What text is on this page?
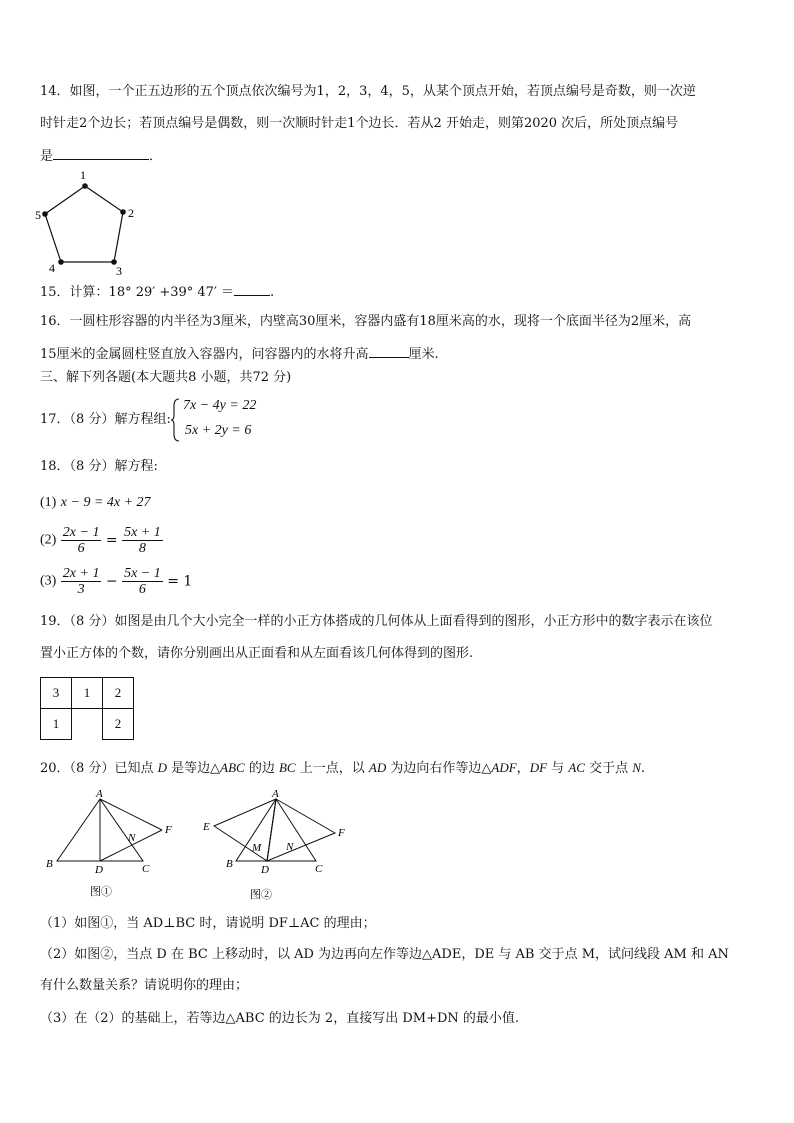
14．如图，一个正五边形的五个顶点依次编号为1，2，3，4，5，从某个顶点开始，若顶点编号是奇数，则一次逆
时针走2个边长；若顶点编号是偶数，则一次顺时针走1个边长．若从2 开始走，则第2020 次后，所处顶点编号
是	．
1
2
3
4
5
15．计算：18° 29′ +39° 47′ ＝	.
16．一圆柱形容器的内半径为3厘米，内壁高30厘米，容器内盛有18厘米高的水，现将一个底面半径为2厘米，高
15厘米的金属圆柱竖直放入容器内，问容器内的水将升高	厘米.
三、解下列各题(本大题共8 小题，共72 分)
17．（8 分）解方程组:
7x − 4y = 22
5x + 2y = 6
18．（8 分）解方程:
(1) x − 9 = 4x + 27
$(2) \frac{2x - 1}{6} = \frac{5x + 1}{8}$
$(3) \frac{2x + 1}{3} - \frac{5x - 1}{6} = 1$
19．（8 分）如图是由几个大小完全一样的小正方体搭成的几何体从上面看得到的图形，小正方形中的数字表示在该位
置小正方体的个数，请你分别画出从正面看和从左面看该几何体得到的图形.
3	1	2
1		2
20．（8 分）已知点 D 是等边△ABC 的边 BC 上一点，以 AD 为边向右作等边△ADF，DF 与 AC 交于点 N.
A
B	D	C
N
F
图①
A
E	F
M N
B	D	C
图②
（1）如图①，当 AD⊥BC 时，请说明 DF⊥AC 的理由；
（2）如图②，当点 D 在 BC 上移动时，以 AD 为边再向左作等边△ADE，DE 与 AB 交于点 M，试问线段 AM 和 AN
有什么数量关系？请说明你的理由；
（3）在（2）的基础上，若等边△ABC 的边长为 2，直接写出 DM+DN 的最小值.
